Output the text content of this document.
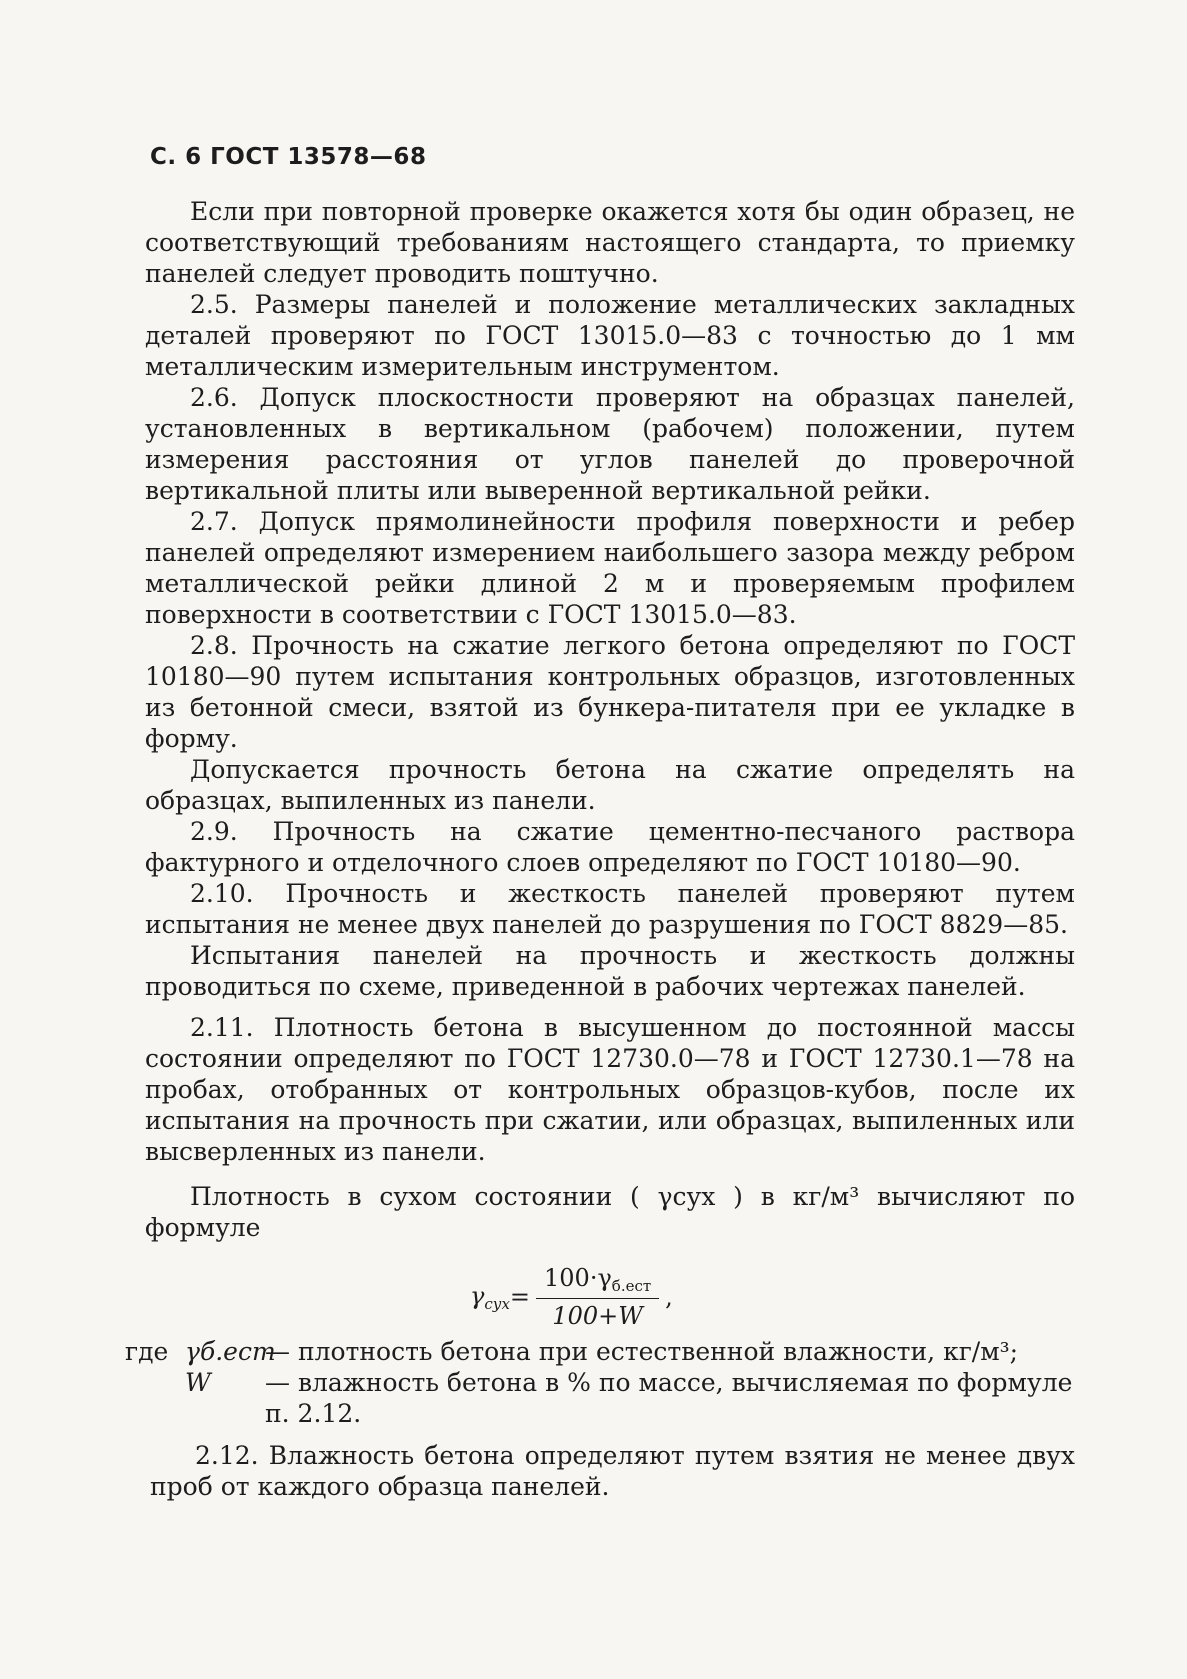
С. 6 ГОСТ 13578—68

Если при повторной проверке окажется хотя бы один образец, не соответствующий требованиям настоящего стандарта, то приемку панелей следует проводить поштучно.

2.5. Размеры панелей и положение металлических закладных деталей проверяют по ГОСТ 13015.0—83 с точностью до 1 мм металлическим измерительным инструментом.

2.6. Допуск плоскостности проверяют на образцах панелей, установленных в вертикальном (рабочем) положении, путем измерения расстояния от углов панелей до проверочной вертикальной плиты или выверенной вертикальной рейки.

2.7. Допуск прямолинейности профиля поверхности и ребер панелей определяют измерением наибольшего зазора между ребром металлической рейки длиной 2 м и проверяемым профилем поверхности в соответствии с ГОСТ 13015.0—83.

2.8. Прочность на сжатие легкого бетона определяют по ГОСТ 10180—90 путем испытания контрольных образцов, изготовленных из бетонной смеси, взятой из бункера-питателя при ее укладке в форму.

Допускается прочность бетона на сжатие определять на образцах, выпиленных из панели.

2.9. Прочность на сжатие цементно-песчаного раствора фактурного и отделочного слоев определяют по ГОСТ 10180—90.

2.10. Прочность и жесткость панелей проверяют путем испытания не менее двух панелей до разрушения по ГОСТ 8829—85.

Испытания панелей на прочность и жесткость должны проводиться по схеме, приведенной в рабочих чертежах панелей.

2.11. Плотность бетона в высушенном до постоянной массы состоянии определяют по ГОСТ 12730.0—78 и ГОСТ 12730.1—78 на пробах, отобранных от контрольных образцов-кубов, после их испытания на прочность при сжатии, или образцах, выпиленных или высверленных из панели.

Плотность в сухом состоянии ( γсух ) в кг/м³ вычисляют по формуле

$\gamma_{сух} = \frac{100\cdot\gamma_{б.ест}}{100+W}$ ,
где γб.ест
— плотность бетона при естественной влажности, кг/м³;
W	— влажность бетона в % по массе, вычисляемая по формуле п. 2.12.

2.12. Влажность бетона определяют путем взятия не менее двух проб от каждого образца панелей.
